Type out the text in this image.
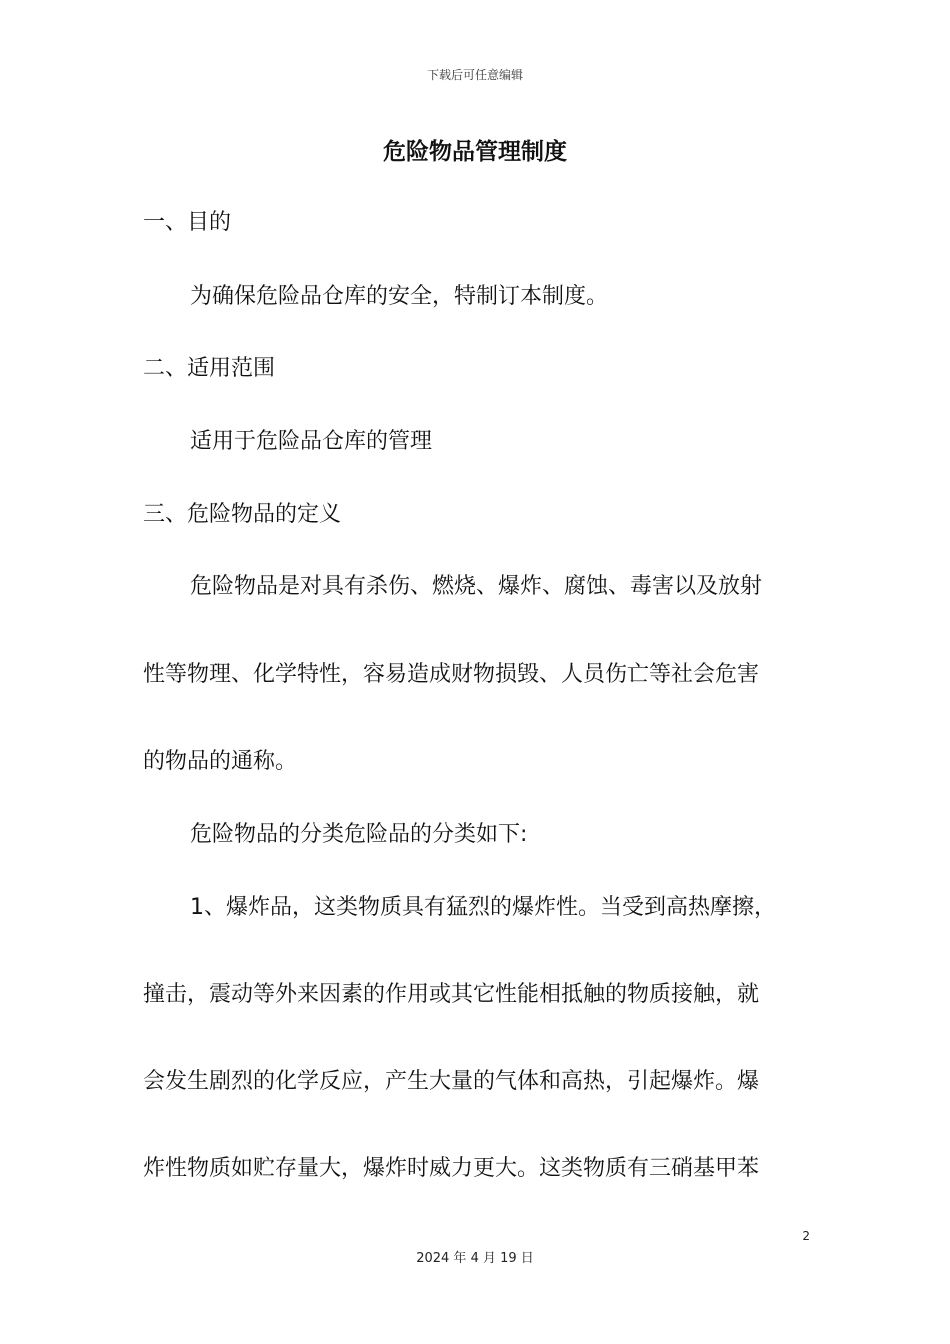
下载后可任意编辑
危险物品管理制度
一、目的
为确保危险品仓库的安全，特制订本制度。
二、适用范围
适用于危险品仓库的管理
三、危险物品的定义
危险物品是对具有杀伤、燃烧、爆炸、腐蚀、毒害以及放射
性等物理、化学特性，容易造成财物损毁、人员伤亡等社会危害
的物品的通称。
危险物品的分类危险品的分类如下:
1、爆炸品，这类物质具有猛烈的爆炸性。当受到高热摩擦，
撞击，震动等外来因素的作用或其它性能相抵触的物质接触，就
会发生剧烈的化学反应，产生大量的气体和高热，引起爆炸。爆
炸性物质如贮存量大，爆炸时威力更大。这类物质有三硝基甲苯
2
2024 年 4 月 19 日
